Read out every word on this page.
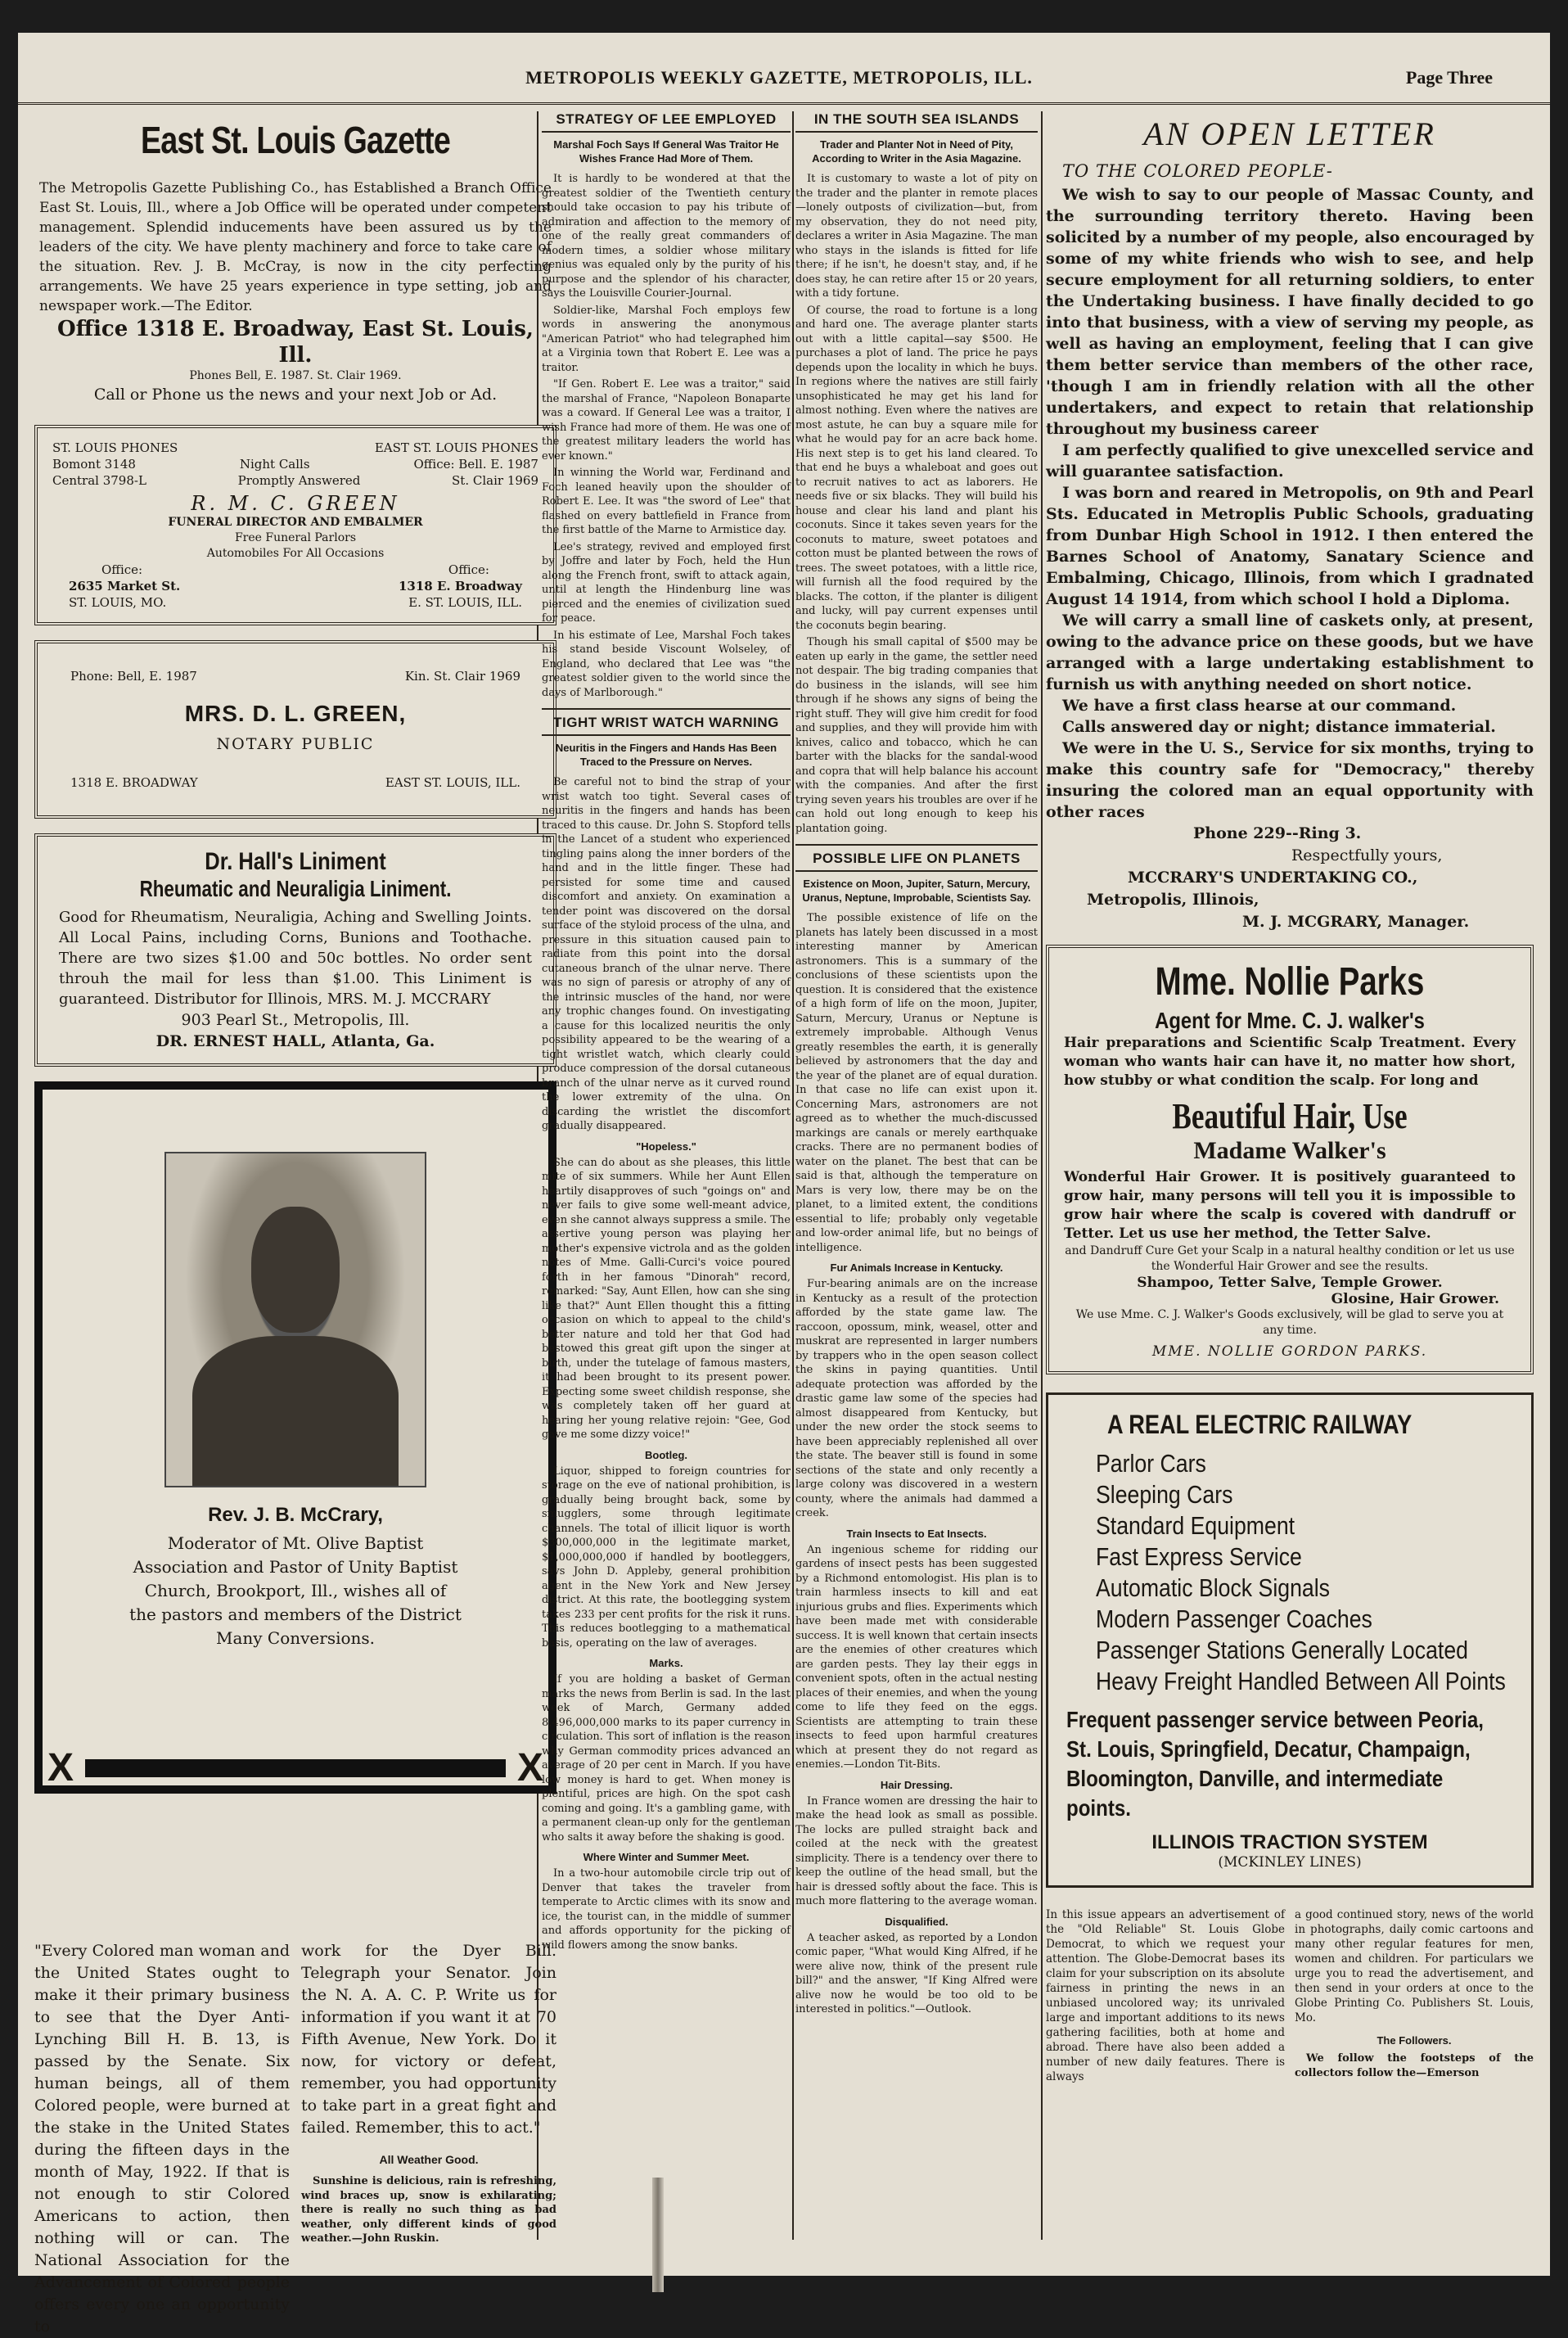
METROPOLIS WEEKLY GAZETTE, METROPOLIS, ILL.	Page Three
East St. Louis Gazette
The Metropolis Gazette Publishing Co., has Established a Branch Office East St. Louis, Ill., where a Job Office will be operated under competent management. Splendid inducements have been assured us by the leaders of the city. We have plenty machinery and force to take care of the situation. Rev. J. B. McCray, is now in the city perfecting arrangements. We have 25 years experience in type setting, job and newspaper work.—The Editor.
Office 1318 E. Broadway, East St. Louis, Ill.
Phones Bell, E. 1987. St. Clair 1969.
Call or Phone us the news and your next Job or Ad.
ST. LOUIS PHONES	EAST ST. LOUIS PHONES
Bomont 3148	Night Calls	Office: Bell. E. 1987
Central 3798-L	Promptly Answered	St. Clair 1969
R. M. C. GREEN
FUNERAL DIRECTOR AND EMBALMER
Free Funeral Parlors
Automobiles For All Occasions
Office:	Office:
2635 Market St.	1318 E. Broadway
ST. LOUIS, MO.	E. ST. LOUIS, ILL.
Phone: Bell, E. 1987	Kin. St. Clair 1969
MRS. D. L. GREEN,
NOTARY PUBLIC
1318 E. BROADWAY	EAST ST. LOUIS, ILL.
Dr. Hall's Liniment
Rheumatic and Neuraligia Liniment.
Good for Rheumatism, Neuraligia, Aching and Swelling Joints. All Local Pains, including Corns, Bunions and Toothache. There are two sizes $1.00 and 50c bottles. No order sent throuh the mail for less than $1.00. This Liniment is guaranteed. Distributor for Illinois, MRS. M. J. MCCRARY
903 Pearl St., Metropolis, Ill.
DR. ERNEST HALL, Atlanta, Ga.
Rev. J. B. McCrary,
Moderator of Mt. Olive Baptist Association and Pastor of Unity Baptist Church, Brookport, Ill., wishes all of the pastors and members of the District Many Conversions.
X	X
STRATEGY OF LEE EMPLOYED
Marshal Foch Says If General Was Traitor He Wishes France Had More of Them.

It is hardly to be wondered at that the greatest soldier of the Twentieth century should take occasion to pay his tribute of admiration and affection to the memory of one of the really great commanders of modern times, a soldier whose military genius was equaled only by the purity of his purpose and the splendor of his character, says the Louisville Courier-Journal.

Soldier-like, Marshal Foch employs few words in answering the anonymous "American Patriot" who had telegraphed him at a Virginia town that Robert E. Lee was a traitor.

"If Gen. Robert E. Lee was a traitor," said the marshal of France, "Napoleon Bonaparte was a coward. If General Lee was a traitor, I wish France had more of them. He was one of the greatest military leaders the world has ever known."

In winning the World war, Ferdinand and Foch leaned heavily upon the shoulder of Robert E. Lee. It was "the sword of Lee" that flashed on every battlefield in France from the first battle of the Marne to Armistice day.

Lee's strategy, revived and employed first by Joffre and later by Foch, held the Hun along the French front, swift to attack again, until at length the Hindenburg line was pierced and the enemies of civilization sued for peace.

In his estimate of Lee, Marshal Foch takes his stand beside Viscount Wolseley, of England, who declared that Lee was "the greatest soldier given to the world since the days of Marlborough."

TIGHT WRIST WATCH WARNING
Neuritis in the Fingers and Hands Has Been Traced to the Pressure on Nerves.

Be careful not to bind the strap of your wrist watch too tight. Several cases of neuritis in the fingers and hands has been traced to this cause. Dr. John S. Stopford tells in the Lancet of a student who experienced tingling pains along the inner borders of the hand and in the little finger. These had persisted for some time and caused discomfort and anxiety. On examination a tender point was discovered on the dorsal surface of the styloid process of the ulna, and pressure in this situation caused pain to radiate from this point into the dorsal cutaneous branch of the ulnar nerve. There was no sign of paresis or atrophy of any of the intrinsic muscles of the hand, nor were any trophic changes found. On investigating a cause for this localized neuritis the only possibility appeared to be the wearing of a tight wristlet watch, which clearly could produce compression of the dorsal cutaneous branch of the ulnar nerve as it curved round the lower extremity of the ulna. On discarding the wristlet the discomfort gradually disappeared.

"Hopeless."

She can do about as she pleases, this little mite of six summers. While her Aunt Ellen heartily disapproves of such "goings on" and never fails to give some well-meant advice, even she cannot always suppress a smile. The assertive young person was playing her mother's expensive victrola and as the golden notes of Mme. Galli-Curci's voice poured forth in her famous "Dinorah" record, remarked: "Say, Aunt Ellen, how can she sing like that?" Aunt Ellen thought this a fitting occasion on which to appeal to the child's better nature and told her that God had bestowed this great gift upon the singer at birth, under the tutelage of famous masters, it had been brought to its present power. Expecting some sweet childish response, she was completely taken off her guard at hearing her young relative rejoin: "Gee, God gave me some dizzy voice!"

Bootleg.

Liquor, shipped to foreign countries for storage on the eve of national prohibition, is gradually being brought back, some by smugglers, some through legitimate channels. The total of illicit liquor is worth $300,000,000 in the legitimate market, $1,000,000,000 if handled by bootleggers, says John D. Appleby, general prohibition agent in the New York and New Jersey district. At this rate, the bootlegging system takes 233 per cent profits for the risk it runs. This reduces bootlegging to a mathematical basis, operating on the law of averages.

Marks.

If you are holding a basket of German marks the news from Berlin is sad. In the last week of March, Germany added 8,496,000,000 marks to its paper currency in circulation. This sort of inflation is the reason why German commodity prices advanced an average of 20 per cent in March. If you have low money is hard to get. When money is plentiful, prices are high. On the spot cash coming and going. It's a gambling game, with a permanent clean-up only for the gentleman who salts it away before the shaking is good.

Where Winter and Summer Meet.

In a two-hour automobile circle trip out of Denver that takes the traveler from temperate to Arctic climes with its snow and ice, the tourist can, in the middle of summer and affords opportunity for the picking of wild flowers among the snow banks.

IN THE SOUTH SEA ISLANDS
Trader and Planter Not in Need of Pity, According to Writer in the Asia Magazine.

It is customary to waste a lot of pity on the trader and the planter in remote places—lonely outposts of civilization—but, from my observation, they do not need pity, declares a writer in Asia Magazine. The man who stays in the islands is fitted for life there; if he isn't, he doesn't stay, and, if he does stay, he can retire after 15 or 20 years, with a tidy fortune.

Of course, the road to fortune is a long and hard one. The average planter starts out with a little capital—say $500. He purchases a plot of land. The price he pays depends upon the locality in which he buys. In regions where the natives are still fairly unsophisticated he may get his land for almost nothing. Even where the natives are most astute, he can buy a square mile for what he would pay for an acre back home. His next step is to get his land cleared. To that end he buys a whaleboat and goes out to recruit natives to act as laborers. He needs five or six blacks. They will build his house and clear his land and plant his coconuts. Since it takes seven years for the coconuts to mature, sweet potatoes and cotton must be planted between the rows of trees. The sweet potatoes, with a little rice, will furnish all the food required by the blacks. The cotton, if the planter is diligent and lucky, will pay current expenses until the coconuts begin bearing.

Though his small capital of $500 may be eaten up early in the game, the settler need not despair. The big trading companies that do business in the islands, will see him through if he shows any signs of being the right stuff. They will give him credit for food and supplies, and they will provide him with knives, calico and tobacco, which he can barter with the blacks for the sandal-wood and copra that will help balance his account with the companies. And after the first trying seven years his troubles are over if he can hold out long enough to keep his plantation going.

POSSIBLE LIFE ON PLANETS
Existence on Moon, Jupiter, Saturn, Mercury, Uranus, Neptune, Improbable, Scientists Say.

The possible existence of life on the planets has lately been discussed in a most interesting manner by American astronomers. This is a summary of the conclusions of these scientists upon the question. It is considered that the existence of a high form of life on the moon, Jupiter, Saturn, Mercury, Uranus or Neptune is extremely improbable. Although Venus greatly resembles the earth, it is generally believed by astronomers that the day and the year of the planet are of equal duration. In that case no life can exist upon it. Concerning Mars, astronomers are not agreed as to whether the much-discussed markings are canals or merely earthquake cracks. There are no permanent bodies of water on the planet. The best that can be said is that, although the temperature on Mars is very low, there may be on the planet, to a limited extent, the conditions essential to life; probably only vegetable and low-order animal life, but no beings of intelligence.

Fur Animals Increase in Kentucky.

Fur-bearing animals are on the increase in Kentucky as a result of the protection afforded by the state game law. The raccoon, opossum, mink, weasel, otter and muskrat are represented in larger numbers by trappers who in the open season collect the skins in paying quantities. Until adequate protection was afforded by the drastic game law some of the species had almost disappeared from Kentucky, but under the new order the stock seems to have been appreciably replenished all over the state. The beaver still is found in some sections of the state and only recently a large colony was discovered in a western county, where the animals had dammed a creek.

Train Insects to Eat Insects.

An ingenious scheme for ridding our gardens of insect pests has been suggested by a Richmond entomologist. His plan is to train harmless insects to kill and eat injurious grubs and flies. Experiments which have been made met with considerable success. It is well known that certain insects are the enemies of other creatures which are garden pests. They lay their eggs in convenient spots, often in the actual nesting places of their enemies, and when the young come to life they feed on the eggs. Scientists are attempting to train these insects to feed upon harmful creatures which at present they do not regard as enemies.—London Tit-Bits.

Hair Dressing.

In France women are dressing the hair to make the head look as small as possible. The locks are pulled straight back and coiled at the neck with the greatest simplicity. There is a tendency over there to keep the outline of the head small, but the hair is dressed softly about the face. This is much more flattering to the average woman.

Disqualified.

A teacher asked, as reported by a London comic paper, "What would King Alfred, if he were alive now, think of the present rule bill?" and the answer, "If King Alfred were alive now he would be too old to be interested in politics."—Outlook.

AN OPEN LETTER
TO THE COLORED PEOPLE-

We wish to say to our people of Massac County, and the surrounding territory thereto. Having been solicited by a number of my people, also encouraged by some of my white friends who wish to see, and help secure employment for all returning soldiers, to enter the Undertaking business. I have finally decided to go into that business, with a view of serving my people, as well as having an employment, feeling that I can give them better service than members of the other race, 'though I am in friendly relation with all the other undertakers, and expect to retain that relationship throughout my business career

I am perfectly qualified to give unexcelled service and will guarantee satisfaction.

I was born and reared in Metropolis, on 9th and Pearl Sts. Educated in Metroplis Public Schools, graduating from Dunbar High School in 1912. I then entered the Barnes School of Anatomy, Sanatary Science and Embalming, Chicago, Illinois, from which I gradnated August 14 1914, from which school I hold a Diploma.

We will carry a small line of caskets only, at present, owing to the advance price on these goods, but we have arranged with a large undertaking establishment to furnish us with anything needed on short notice.

We have a first class hearse at our command.

Calls answered day or night; distance immaterial.

We were in the U. S., Service for six months, trying to make this country safe for "Democracy," thereby insuring the colored man an equal opportunity with other races

Phone 229--Ring 3.
Respectfully yours,
MCCRARY'S UNDERTAKING CO.,
Metropolis, Illinois,
M. J. MCGRARY, Manager.
Mme. Nollie Parks
Agent for Mme. C. J. walker's
Hair preparations and Scientific Scalp Treatment. Every woman who wants hair can have it, no matter how short, how stubby or what condition the scalp. For long and
Beautiful Hair, Use
Madame Walker's
Wonderful Hair Grower. It is positively guaranteed to grow hair, many persons will tell you it is impossible to grow hair where the scalp is covered with dandruff or Tetter. Let us use her method, the Tetter Salve.
and Dandruff Cure Get your Scalp in a natural healthy condition or let us use the Wonderful Hair Grower and see the results.
Shampoo, Tetter Salve, Temple Grower.
Glosine, Hair Grower.
We use Mme. C. J. Walker's Goods exclusively, will be glad to serve you at any time.
MME. NOLLIE GORDON PARKS.
A REAL ELECTRIC RAILWAY
Parlor Cars
Sleeping Cars
Standard Equipment
Fast Express Service
Automatic Block Signals
Modern Passenger Coaches
Passenger Stations Generally Located
Heavy Freight Handled Between All Points
Frequent passenger service between Peoria, St. Louis, Springfield, Decatur, Champaign, Bloomington, Danville, and intermediate points.
ILLINOIS TRACTION SYSTEM
(MCKINLEY LINES)
"Every Colored man woman and the United States ought to make it their primary business to see that the Dyer Anti-Lynching Bill H. B. 13, is passed by the Senate. Six human beings, all of them Colored people, were burned at the stake in the United States during the fifteen days in the month of May, 1922. If that is not enough to stir Colored Americans to action, then nothing will or can. The National Association for the Advancement of Colored people offers every one an opportunity to
work for the Dyer Bill. Telegraph your Senator. Join the N. A. A. C. P. Write us for information if you want it at 70 Fifth Avenue, New York. Do it now, for victory or defeat, remember, you had opportunity to take part in a great fight and failed. Remember, this to act."
All Weather Good.
Sunshine is delicious, rain is refreshing, wind braces up, snow is exhilarating; there is really no such thing as bad weather, only different kinds of good weather.—John Ruskin.
In this issue appears an advertisement of the "Old Reliable" St. Louis Globe Democrat, to which we request your attention. The Globe-Democrat bases its claim for your subscription on its absolute fairness in printing the news in an unbiased uncolored way; its unrivaled large and important additions to its news gathering facilities, both at home and abroad. There have also been added a number of new daily features. There is always
a good continued story, news of the world in photographs, daily comic cartoons and many other regular features for men, women and children. For particulars we urge you to read the advertisement, and then send in your orders at once to the Globe Printing Co. Publishers St. Louis, Mo.
The Followers.
We follow the footsteps of the collectors follow the—Emerson
